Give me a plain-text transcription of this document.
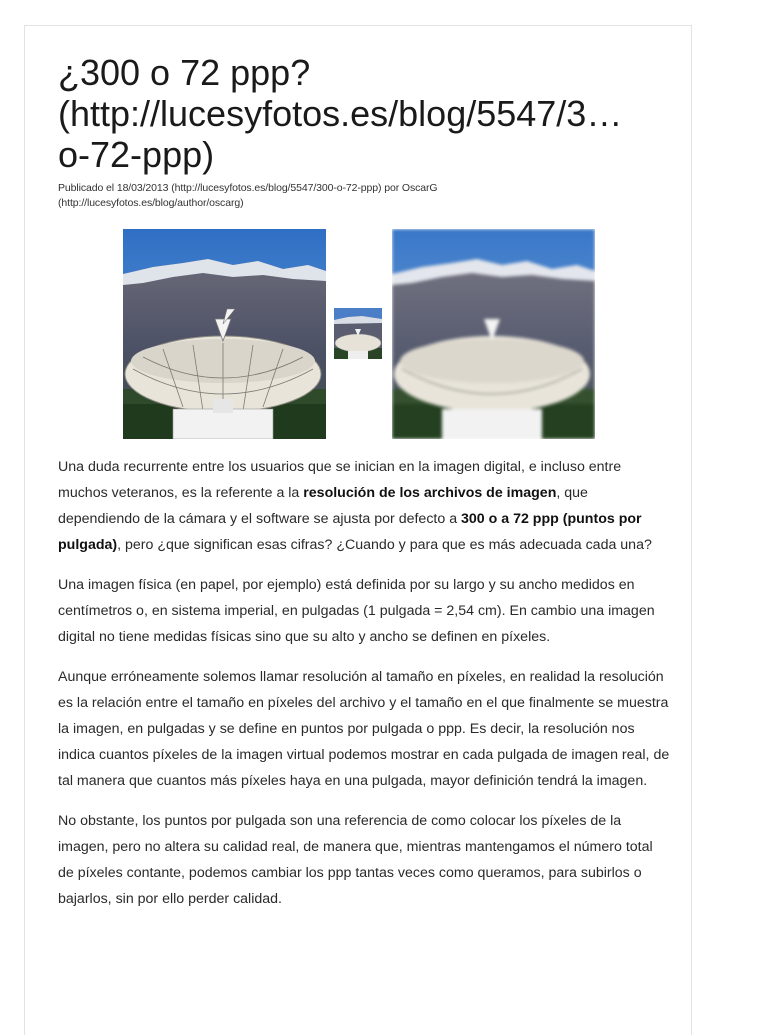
¿300 o 72 ppp?
(http://lucesyfotos.es/blog/5547/3…
o-72-ppp)
Publicado el 18/03/2013 (http://lucesyfotos.es/blog/5547/300-o-72-ppp) por OscarG
(http://lucesyfotos.es/blog/author/oscarg)

Una duda recurrente entre los usuarios que se inician en la imagen digital, e incluso entre muchos veteranos, es la referente a la resolución de los archivos de imagen, que dependiendo de la cámara y el software se ajusta por defecto a 300 o a 72 ppp (puntos por pulgada), pero ¿que significan esas cifras? ¿Cuando y para que es más adecuada cada una?

Una imagen física (en papel, por ejemplo) está definida por su largo y su ancho medidos en centímetros o, en sistema imperial, en pulgadas (1 pulgada = 2,54 cm). En cambio una imagen digital no tiene medidas físicas sino que su alto y ancho se definen en píxeles.

Aunque erróneamente solemos llamar resolución al tamaño en píxeles, en realidad la resolución es la relación entre el tamaño en píxeles del archivo y el tamaño en el que finalmente se muestra la imagen, en pulgadas y se define en puntos por pulgada o ppp. Es decir, la resolución nos indica cuantos píxeles de la imagen virtual podemos mostrar en cada pulgada de imagen real, de tal manera que cuantos más píxeles haya en una pulgada, mayor definición tendrá la imagen.

No obstante, los puntos por pulgada son una referencia de como colocar los píxeles de la imagen, pero no altera su calidad real, de manera que, mientras mantengamos el número total de píxeles contante, podemos cambiar los ppp tantas veces como queramos, para subirlos o bajarlos, sin por ello perder calidad.
